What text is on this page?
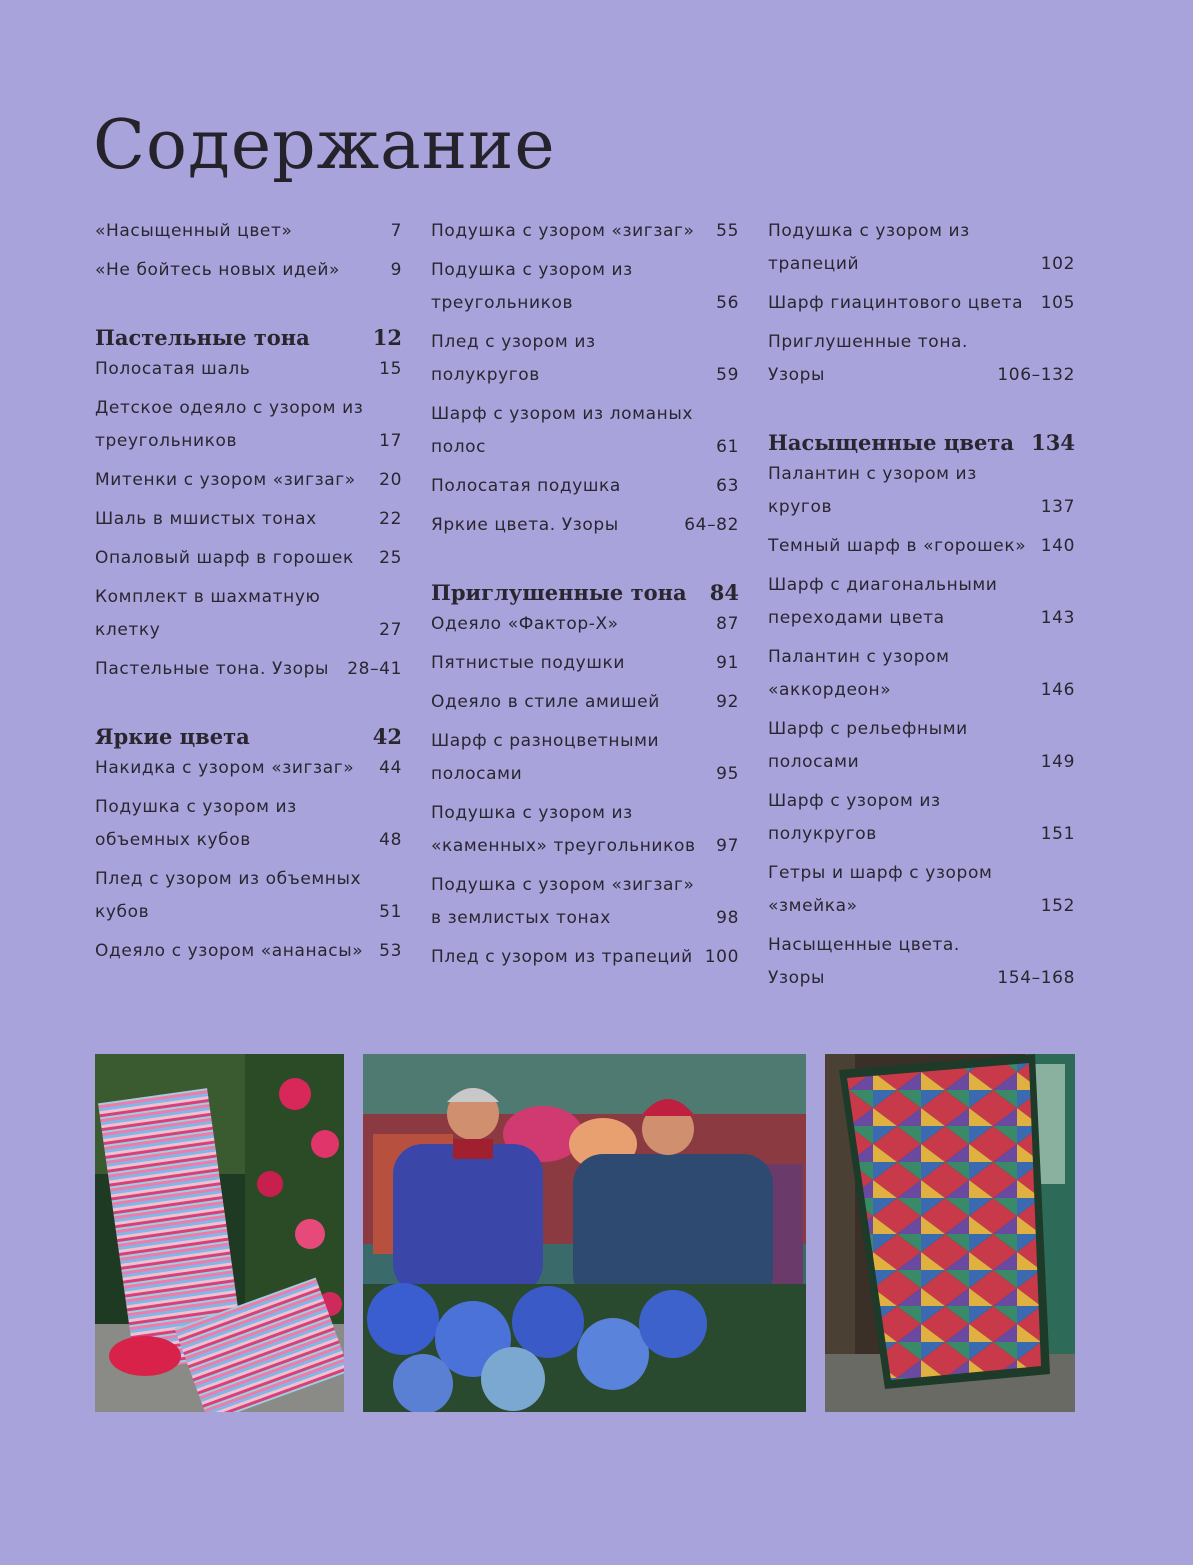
Содержание
«Насыщенный цвет»	7
«Не бойтесь новых идей»	9
Пастельные тона	12
Полосатая шаль	15
Детское одеяло с узором из треугольников	17
Митенки с узором «зигзаг»	20
Шаль в мшистых тонах	22
Опаловый шарф в горошек	25
Комплект в шахматную клетку	27
Пастельные тона. Узоры	28–41
Яркие цвета	42
Накидка с узором «зигзаг»	44
Подушка с узором из объемных кубов	48
Плед с узором из объемных кубов	51
Одеяло с узором «ананасы» 53
Подушка с узором «зигзаг»	55
Подушка с узором из треугольников	56
Плед с узором из полукругов	59
Шарф с узором из ломаных полос	61
Полосатая подушка	63
Яркие цвета. Узоры	64–82
Приглушенные тона 84
Одеяло «Фактор-Х»	87
Пятнистые подушки	91
Одеяло в стиле амишей	92
Шарф с разноцветными полосами	95
Подушка с узором из «каменных» треугольников	97
Подушка с узором «зигзаг» в землистых тонах	98
Плед с узором из трапеций 100
Подушка с узором из трапеций	102
Шарф гиацинтового цвета	105
Приглушенные тона. Узоры	106–132
Насыщенные цвета 134
Палантин с узором из кругов	137
Темный шарф в «горошек» 140
Шарф с диагональными переходами цвета	143
Палантин с узором «аккордеон»	146
Шарф с рельефными полосами	149
Шарф с узором из полукругов	151
Гетры и шарф с узором «змейка»	152
Насыщенные цвета. Узоры	154–168
